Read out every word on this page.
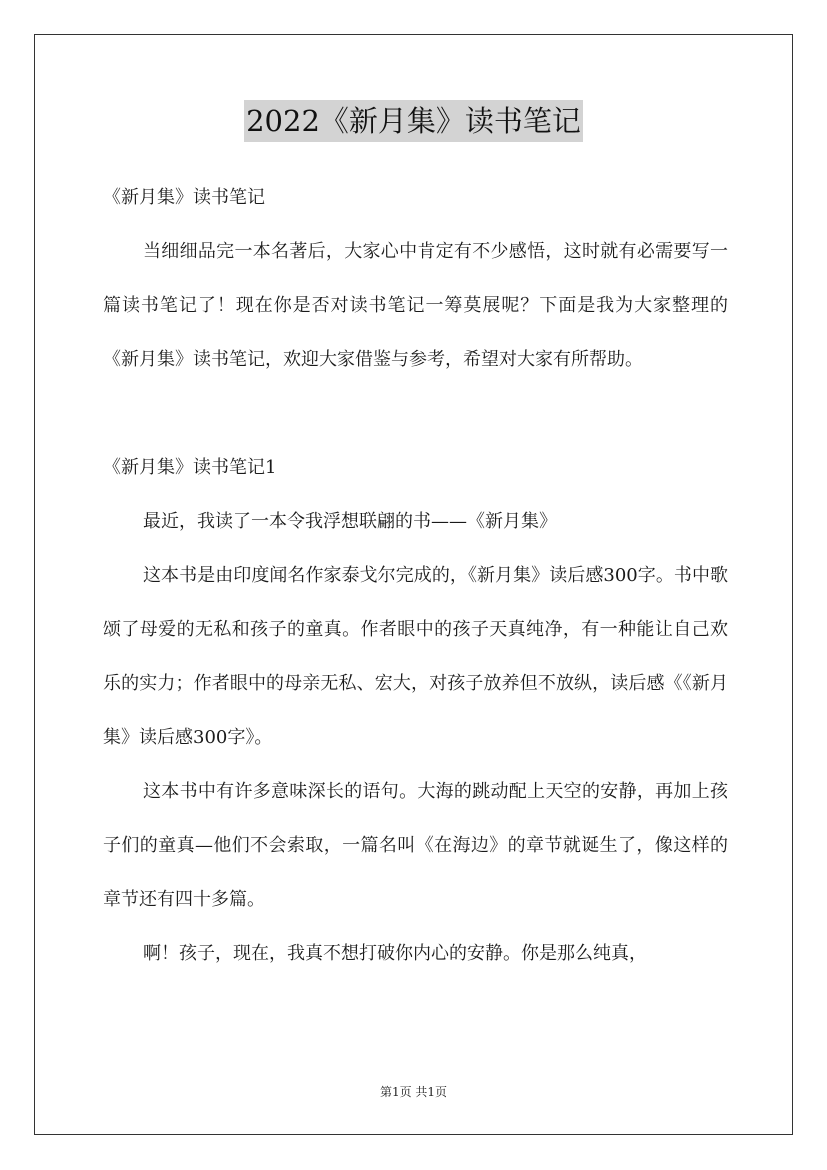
2022《新月集》读书笔记

《新月集》读书笔记

当细细品完一本名著后，大家心中肯定有不少感悟，这时就有必需要写一篇读书笔记了！现在你是否对读书笔记一筹莫展呢？下面是我为大家整理的《新月集》读书笔记，欢迎大家借鉴与参考，希望对大家有所帮助。

《新月集》读书笔记1

最近，我读了一本令我浮想联翩的书——《新月集》

这本书是由印度闻名作家泰戈尔完成的，《新月集》读后感300字。书中歌颂了母爱的无私和孩子的童真。作者眼中的孩子天真纯净，有一种能让自己欢乐的实力；作者眼中的母亲无私、宏大，对孩子放养但不放纵，读后感《《新月集》读后感300字》。

这本书中有许多意味深长的语句。大海的跳动配上天空的安静，再加上孩子们的童真—他们不会索取，一篇名叫《在海边》的章节就诞生了，像这样的章节还有四十多篇。

啊！孩子，现在，我真不想打破你内心的安静。你是那么纯真，

第1页 共1页
